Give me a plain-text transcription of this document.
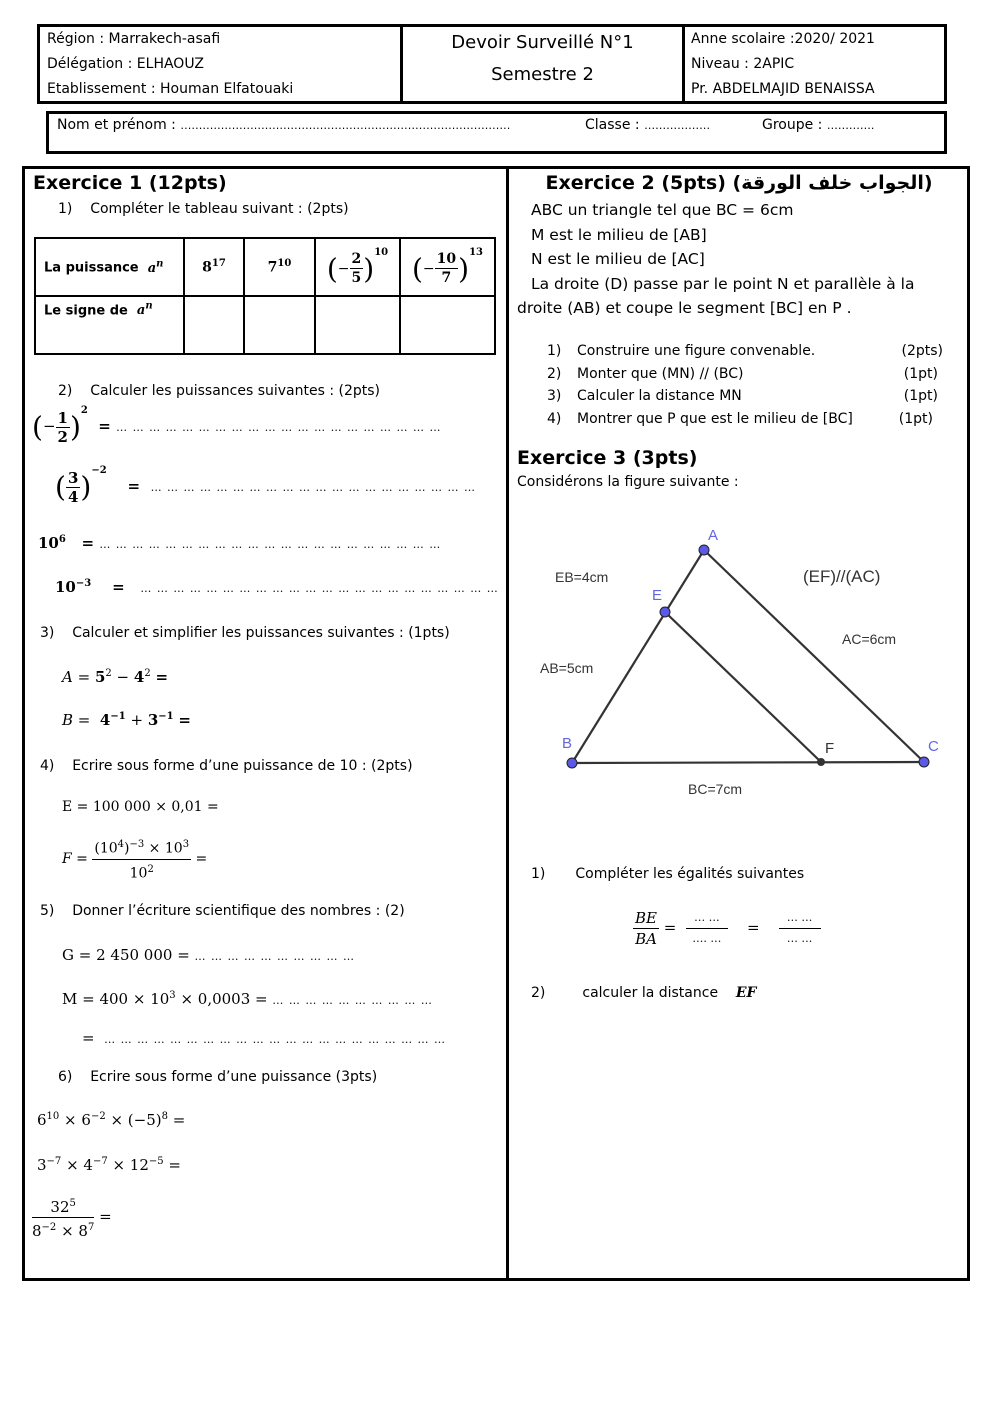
Région : Marrakech-asafi
Délégation : ELHAOUZ
Etablissement : Houman Elfatouaki
Devoir Surveillé N°1
Semestre 2
Anne scolaire :2020/ 2021
Niveau : 2APIC
Pr. ABDELMAJID BENAISSA
Nom et prénom : ………………………………………………………………………………	Classe : ………………	Groupe : ………….
Exercice 1 (12pts)
1) Compléter le tableau suivant : (2pts)
La puissance $a^n$	$8^{17}$	$7^{10}$	(− $\frac{2}{5} )^{10}$	(− $\frac{10}{7} )^{13}$
Le signe de $a^n$				
2) Calculer les puissances suivantes : (2pts)
(− $\frac{1}{2} )^2$  = … … … … … … … … … … … … … … … … … … … …
( $\frac{3}{4} )^{-2}$    =  … … … … … … … … … … … … … … … … … … … …
$10^6$   = … … … … … … … … … … … … … … … … … … … … …
$10^{-3}$    =   … … … … … … … … … … … … … … … … … … … … … …
3) Calculer et simplifier les puissances suivantes : (1pts)
$A = 5^2 - 4^2$ =
$B = 4^{-1} + 3^{-1}$ =
4) Ecrire sous forme d’une puissance de 10 : (2pts)
E = 100 000 × 0,01 =
$F = \frac{(10^4)^{-3} \times 10^3}{10^2}$ =
5) Donner l’écriture scientifique des nombres : (2)
G = 2 450 000 = … … … … … … … … … …
$M = 400 \times 10^3 \times 0,0003$ = … … … … … … … … … …
= … … … … … … … … … … … … … … … … … … … … …
6) Ecrire sous forme d’une puissance (3pts)
$6^{10} \times 6^{-2} \times (-5)^8$ =
$3^{-7} \times 4^{-7} \times 12^{-5}$ =
$\frac{32^5}{8^{-2} \times 8^7}$ =
Exercice 2 (5pts) (الجواب خلف الورقة)
ABC un triangle tel que BC = 6cm
M est le milieu de [AB]
N est le milieu de [AC]
La droite (D) passe par le point N et parallèle à la
droite (AB) et coupe le segment [BC] en P .
1) Construire une figure convenable.	(2pts)
2) Monter que (MN) // (BC)	(1pt)
3) Calculer la distance MN	(1pt)
4) Montrer que P que est le milieu de [BC]	(1pt)
Exercice 3 (3pts)
Considérons la figure suivante :
A
E
B	C
F
EB=4cm
AB=5cm
AC=6cm
BC=7cm
(EF)//(AC)
1) Compléter les égalités suivantes
$\frac{BE}{BA} = \frac{\dots \dots}{\dots. \dots} = \frac{\dots \dots}{\dots \dots}$
2)	calculer la distance EF
